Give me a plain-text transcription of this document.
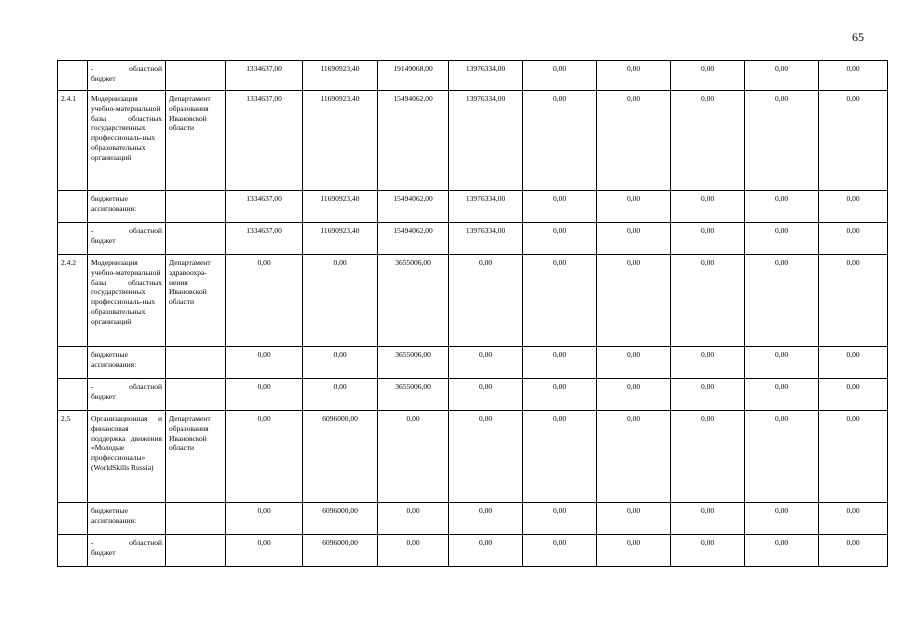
65

	- областной
бюджет		1334637,00	11690923,40	19149068,00	13976334,00	0,00	0,00	0,00	0,00	0,00
2.4.1	Модернизация учебно-материальной базы областных государственных профессиональ-ных образовательных организаций	Департамент образования Ивановской области	1334637,00	11690923,40	15494062,00	13976334,00	0,00	0,00	0,00	0,00	0,00
	бюджетные ассигнования:		1334637,00	11690923,40	15494062,00	13976334,00	0,00	0,00	0,00	0,00	0,00

	- областной
бюджет		1334637,00	11690923,40	15494062,00	13976334,00	0,00	0,00	0,00	0,00	0,00
2.4.2	Модернизация учебно-материальной базы областных государственных профессиональ-ных образовательных организаций	Департамент здравоохра-нения Ивановской области	0,00	0,00	3655006,00	0,00	0,00	0,00	0,00	0,00	0,00
	бюджетные ассигнования:		0,00	0,00	3655006,00	0,00	0,00	0,00	0,00	0,00	0,00

	- областной
бюджет		0,00	0,00	3655006,00	0,00	0,00	0,00	0,00	0,00	0,00
2.5	Организационная и финансовая поддержка движения «Молодые профессионалы» (WorldSkills Russia)	Департамент образования Ивановской области	0,00	6096000,00	0,00	0,00	0,00	0,00	0,00	0,00	0,00
	бюджетные ассигнования:		0,00	6096000,00	0,00	0,00	0,00	0,00	0,00	0,00	0,00

	- областной
бюджет		0,00	6096000,00	0,00	0,00	0,00	0,00	0,00	0,00	0,00
